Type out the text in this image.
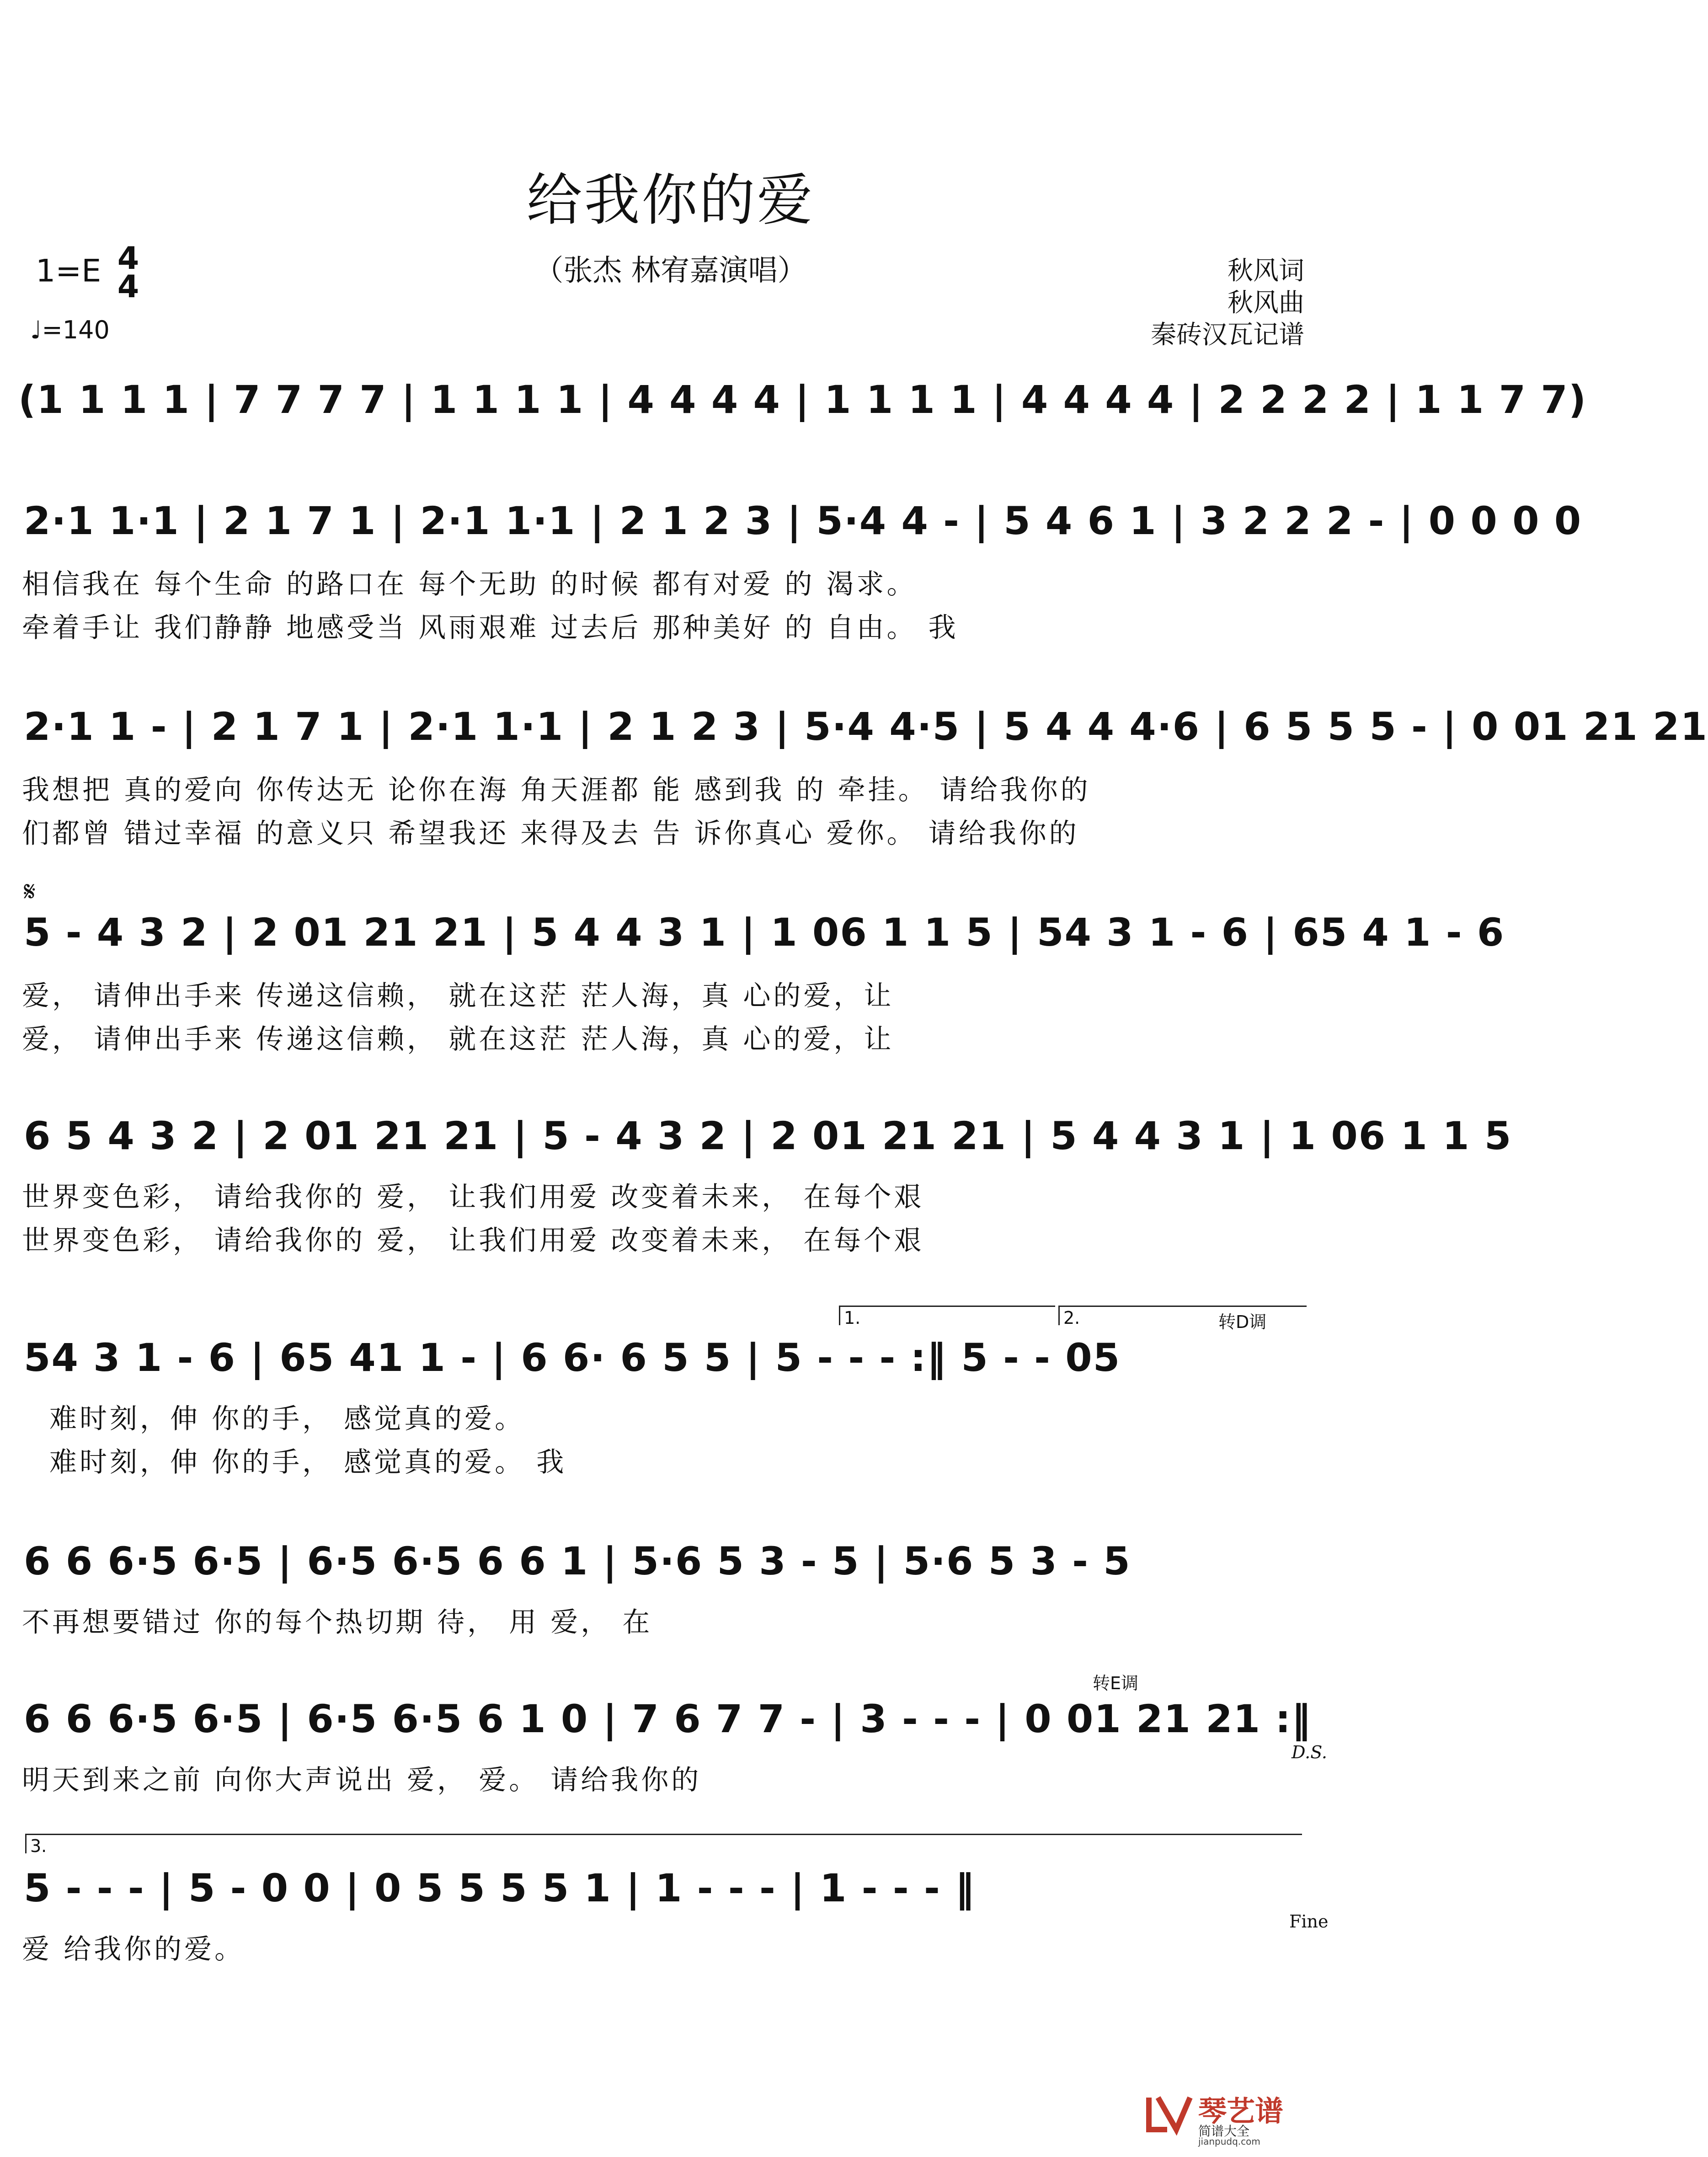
给我你的爱
（张杰 林宥嘉演唱）	秋风词
秋风曲
秦砖汉瓦记谱
1=E 4
4
♩=140
(1 1 1 1 | 7 7 7 7 | 1 1 1 1 | 4 4 4 4 | 1 1 1 1 | 4 4 4 4 | 2 2 2 2 | 1 1 7 7)
2·1 1·1 | 2 1 7 1 | 2·1 1·1 | 2 1 2 3 | 5·4 4 - | 5 4 6 1 | 3 2 2 2 - | 0 0 0 0
相信我在 每个生命 的路口在 每个无助 的时候 都有对爱 的 渴求。
牵着手让 我们静静 地感受当 风雨艰难 过去后 那种美好 的 自由。 我
2·1 1 - | 2 1 7 1 | 2·1 1·1 | 2 1 2 3 | 5·4 4·5 | 5 4 4 4·6 | 6 5 5 5 - | 0 01 21 21
我想把 真的爱向 你传达无 论你在海 角天涯都 能 感到我 的 牵挂。 请给我你的
们都曾 错过幸福 的意义只 希望我还 来得及去 告 诉你真心 爱你。 请给我你的
𝄋
5 - 4 3 2 | 2 01 21 21 | 5 4 4 3 1 | 1 06 1 1 5 | 54 3 1 - 6 | 65 4 1 - 6
爱， 请伸出手来 传递这信赖， 就在这茫 茫人海，真 心的爱，让
爱， 请伸出手来 传递这信赖， 就在这茫 茫人海，真 心的爱，让
6 5 4 3 2 | 2 01 21 21 | 5 - 4 3 2 | 2 01 21 21 | 5 4 4 3 1 | 1 06 1 1 5
世界变色彩， 请给我你的 爱， 让我们用爱 改变着未来， 在每个艰
世界变色彩， 请给我你的 爱， 让我们用爱 改变着未来， 在每个艰
1.	2.	转D调
54 3 1 - 6 | 65 41 1 - | 6 6· 6 5 5 | 5 - - - :‖ 5 - - 05
难时刻，伸 你的手， 感觉真的爱。
难时刻，伸 你的手， 感觉真的爱。 我
6 6 6·5 6·5 | 6·5 6·5 6 6 1 | 5·6 5 3 - 5 | 5·6 5 3 - 5
不再想要错过 你的每个热切期 待， 用 爱， 在
转E调
6 6 6·5 6·5 | 6·5 6·5 6 1 0 | 7 6 7 7 - | 3 - - - | 0 01 21 21 :‖
D.S.
明天到来之前 向你大声说出 爱， 爱。 请给我你的
3.
5 - - - | 5 - 0 0 | 0 5 5 5 5 1 | 1 - - - | 1 - - - ‖
Fine
爱 给我你的爱。
琴艺谱
简谱大全
jianpudq.com
